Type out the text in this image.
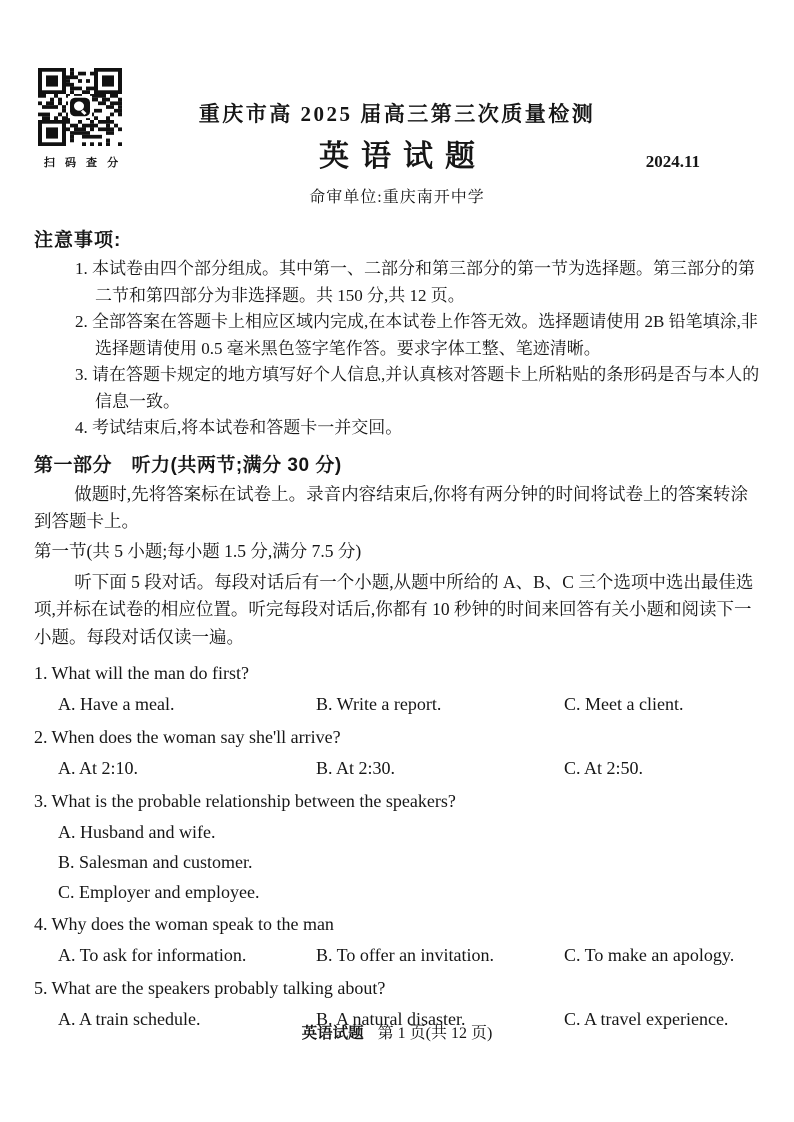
扫 码 查 分
重庆市高 2025 届高三第三次质量检测
英语试题	2024.11
命审单位:重庆南开中学
注意事项:
1. 本试卷由四个部分组成。其中第一、二部分和第三部分的第一节为选择题。第三部分的第二节和第四部分为非选择题。共 150 分,共 12 页。
2. 全部答案在答题卡上相应区域内完成,在本试卷上作答无效。选择题请使用 2B 铅笔填涂,非选择题请使用 0.5 毫米黑色签字笔作答。要求字体工整、笔迹清晰。
3. 请在答题卡规定的地方填写好个人信息,并认真核对答题卡上所粘贴的条形码是否与本人的信息一致。
4. 考试结束后,将本试卷和答题卡一并交回。
第一部分　听力(共两节;满分 30 分)

做题时,先将答案标在试卷上。录音内容结束后,你将有两分钟的时间将试卷上的答案转涂到答题卡上。

第一节(共 5 小题;每小题 1.5 分,满分 7.5 分)

听下面 5 段对话。每段对话后有一个小题,从题中所给的 A、B、C 三个选项中选出最佳选项,并标在试卷的相应位置。听完每段对话后,你都有 10 秒钟的时间来回答有关小题和阅读下一小题。每段对话仅读一遍。

1. What will the man do first?
A. Have a meal.	B. Write a report.	C. Meet a client.
2. When does the woman say she'll arrive?
A. At 2:10.	B. At 2:30.	C. At 2:50.
3. What is the probable relationship between the speakers?
A. Husband and wife.
B. Salesman and customer.
C. Employer and employee.
4. Why does the woman speak to the man
A. To ask for information.	B. To offer an invitation.	C. To make an apology.
5. What are the speakers probably talking about?
A. A train schedule.	B. A natural disaster.	C. A travel experience.
英语试题 第 1 页(共 12 页)
